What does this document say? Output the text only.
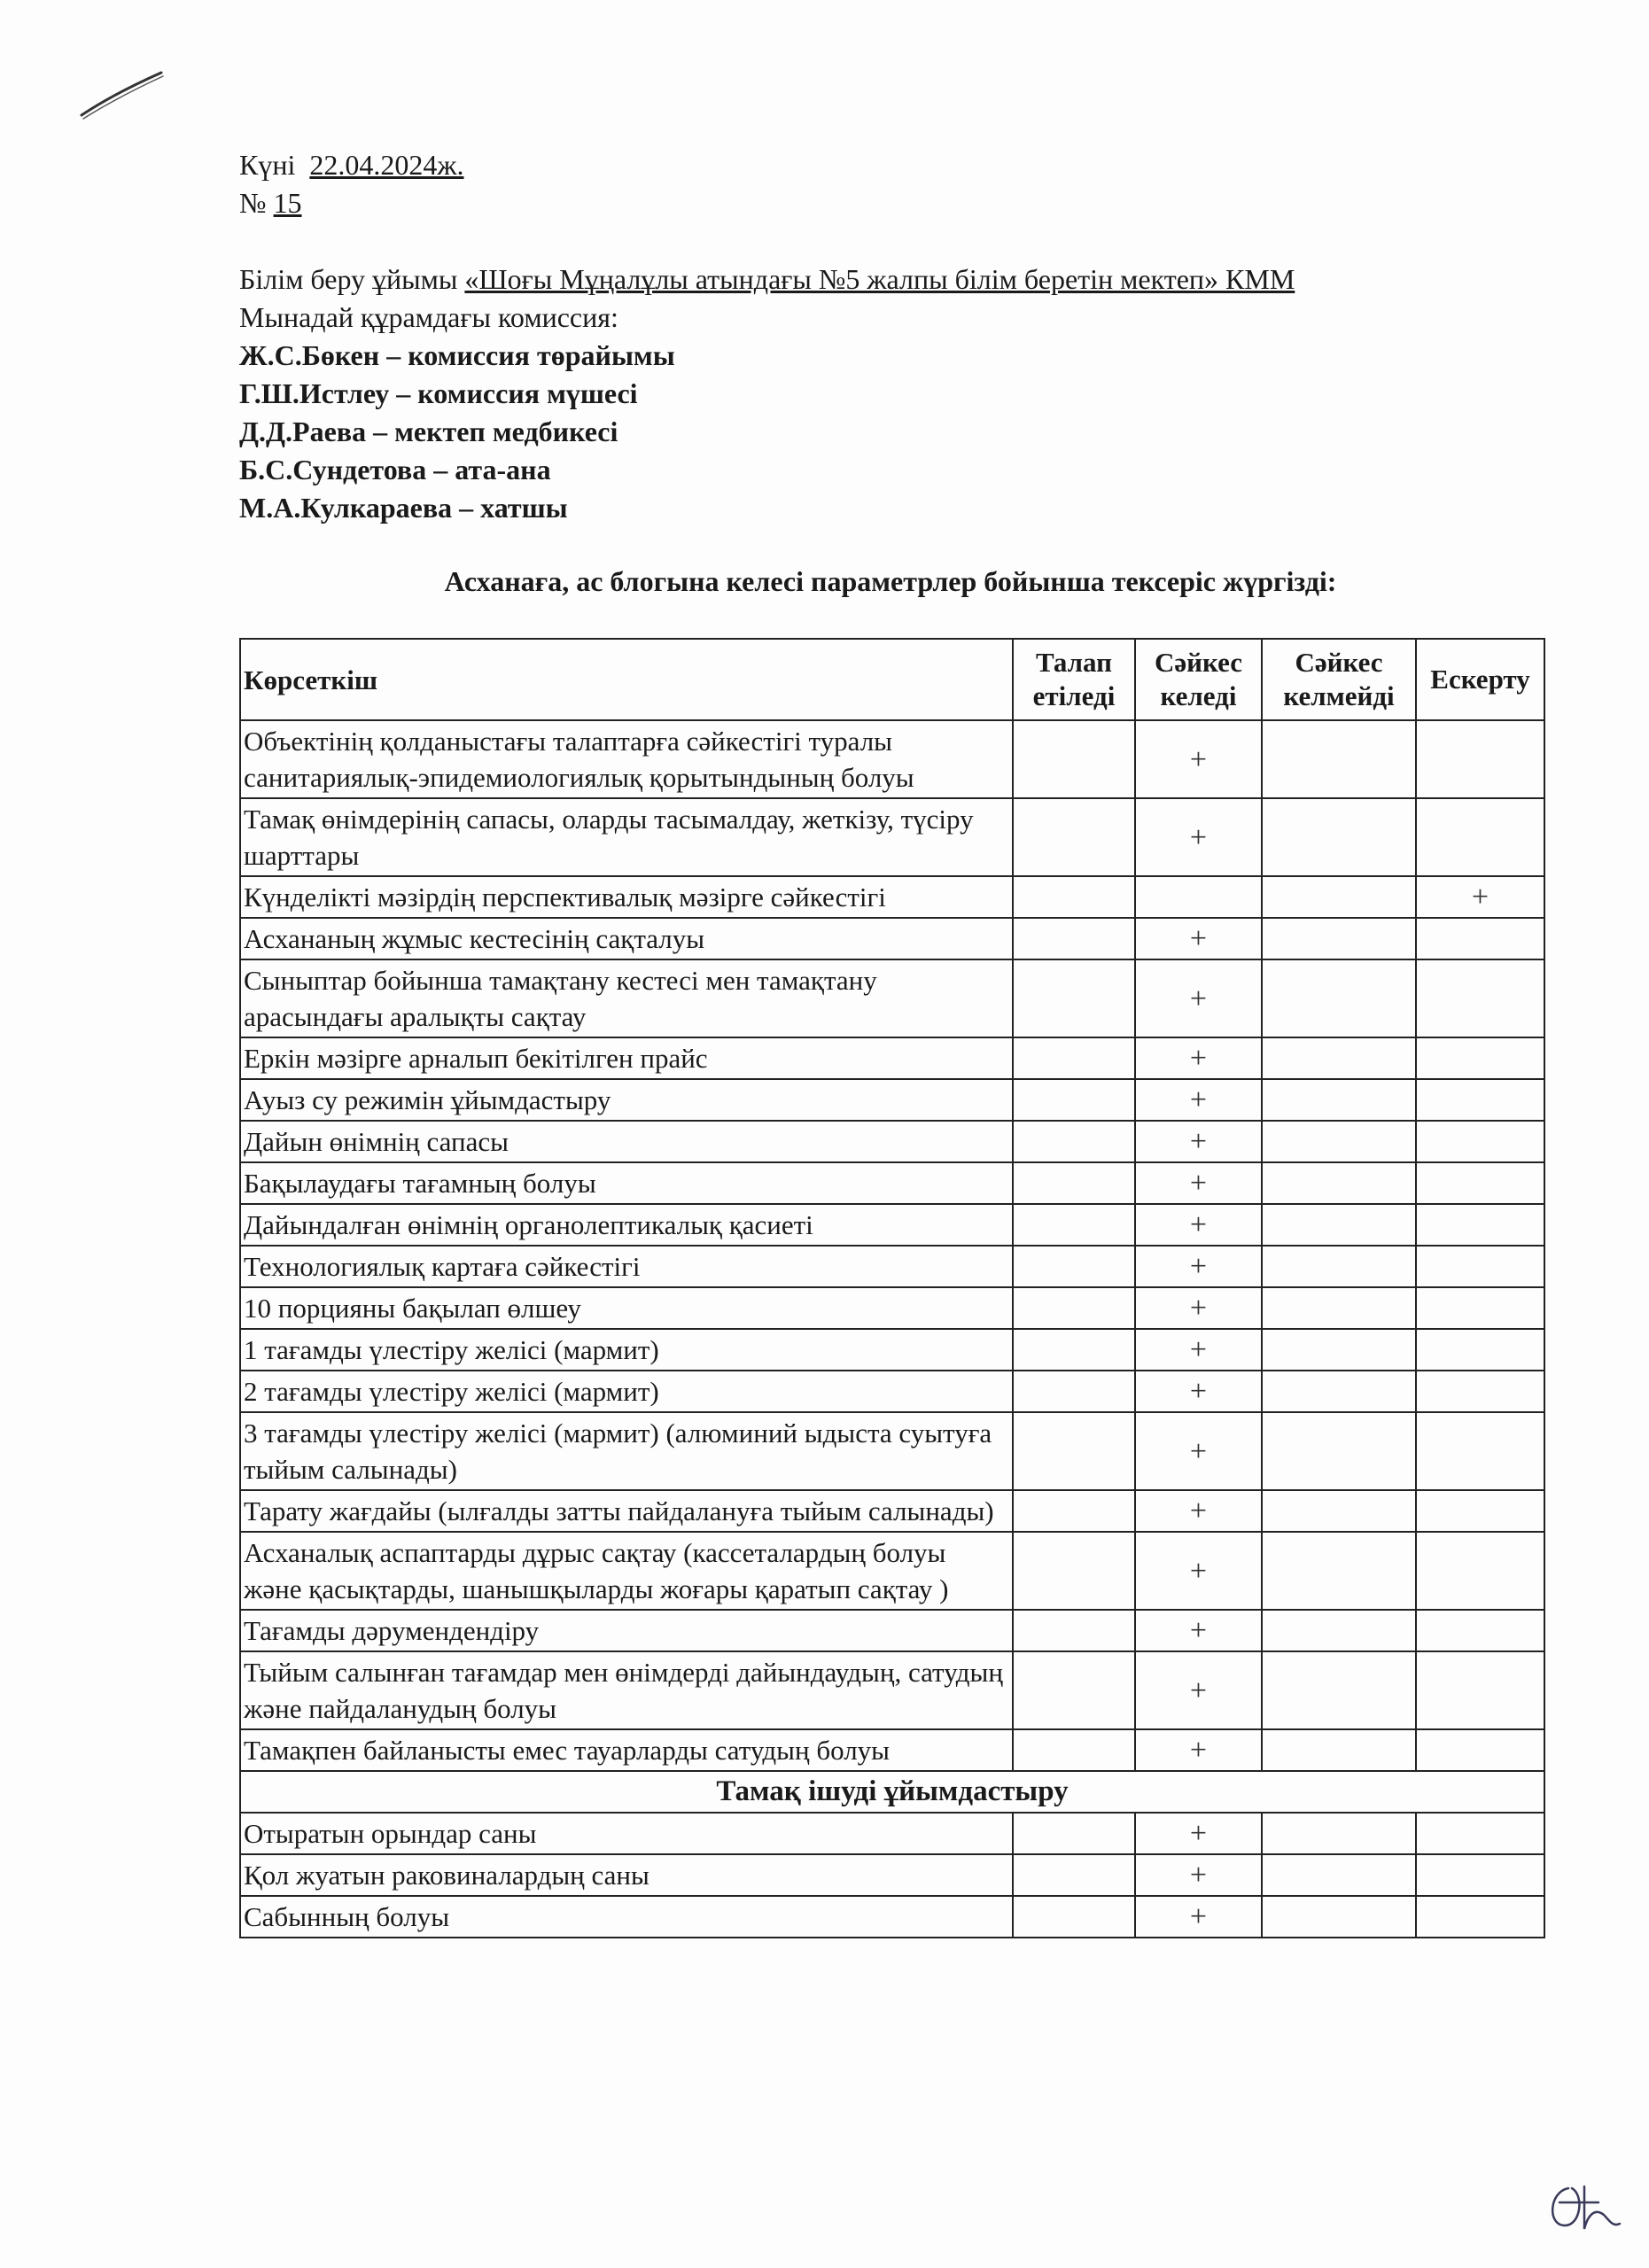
Күні 22.04.2024ж.
№ 15
Білім беру ұйымы «Шоғы Мұңалұлы атындағы №5 жалпы білім беретін мектеп» КММ
Мынадай құрамдағы комиссия:
Ж.С.Бөкен – комиссия төрайымы
Г.Ш.Истлеу – комиссия мүшесі
Д.Д.Раева – мектеп медбикесі
Б.С.Сундетова – ата-ана
М.А.Кулкараева – хатшы
Асханаға, ас блогына келесі параметрлер бойынша тексеріс жүргізді:
Көрсеткіш	Талап етіледі	Сәйкес келеді	Сәйкес келмейді	Ескерту
Объектінің қолданыстағы талаптарға сәйкестігі туралы санитариялық-эпидемиологиялық қорытындының болуы		+		
Тамақ өнімдерінің сапасы, оларды тасымалдау, жеткізу, түсіру шарттары		+		
Күнделікті мәзірдің перспективалық мәзірге сәйкестігі				+
Асхананың жұмыс кестесінің сақталуы		+		
Сыныптар бойынша тамақтану кестесі мен тамақтану арасындағы аралықты сақтау		+		
Еркін мәзірге арналып бекітілген прайс		+		
Ауыз су режимін ұйымдастыру		+		
Дайын өнімнің сапасы		+		
Бақылаудағы тағамның болуы		+		
Дайындалған өнімнің органолептикалық қасиеті		+		
Технологиялық картаға сәйкестігі		+		
10 порцияны бақылап өлшеу		+		
1 тағамды үлестіру желісі (мармит)		+		
2 тағамды үлестіру желісі (мармит)		+		
3 тағамды үлестіру желісі (мармит) (алюминий ыдыста суытуға тыйым салынады)		+		
Тарату жағдайы (ылғалды затты пайдалануға тыйым салынады)		+		
Асханалық аспаптарды дұрыс сақтау (кассеталардың болуы және қасықтарды, шанышқыларды жоғары қаратып сақтау )		+		
Тағамды дәрумендендіру		+		
Тыйым салынған тағамдар мен өнімдерді дайындаудың, сатудың және пайдаланудың болуы		+		
Тамақпен байланысты емес тауарларды сатудың болуы		+		
Тамақ ішуді ұйымдастыру				
Отыратын орындар саны		+		
Қол жуатын раковиналардың саны		+		
Сабынның болуы		+		
